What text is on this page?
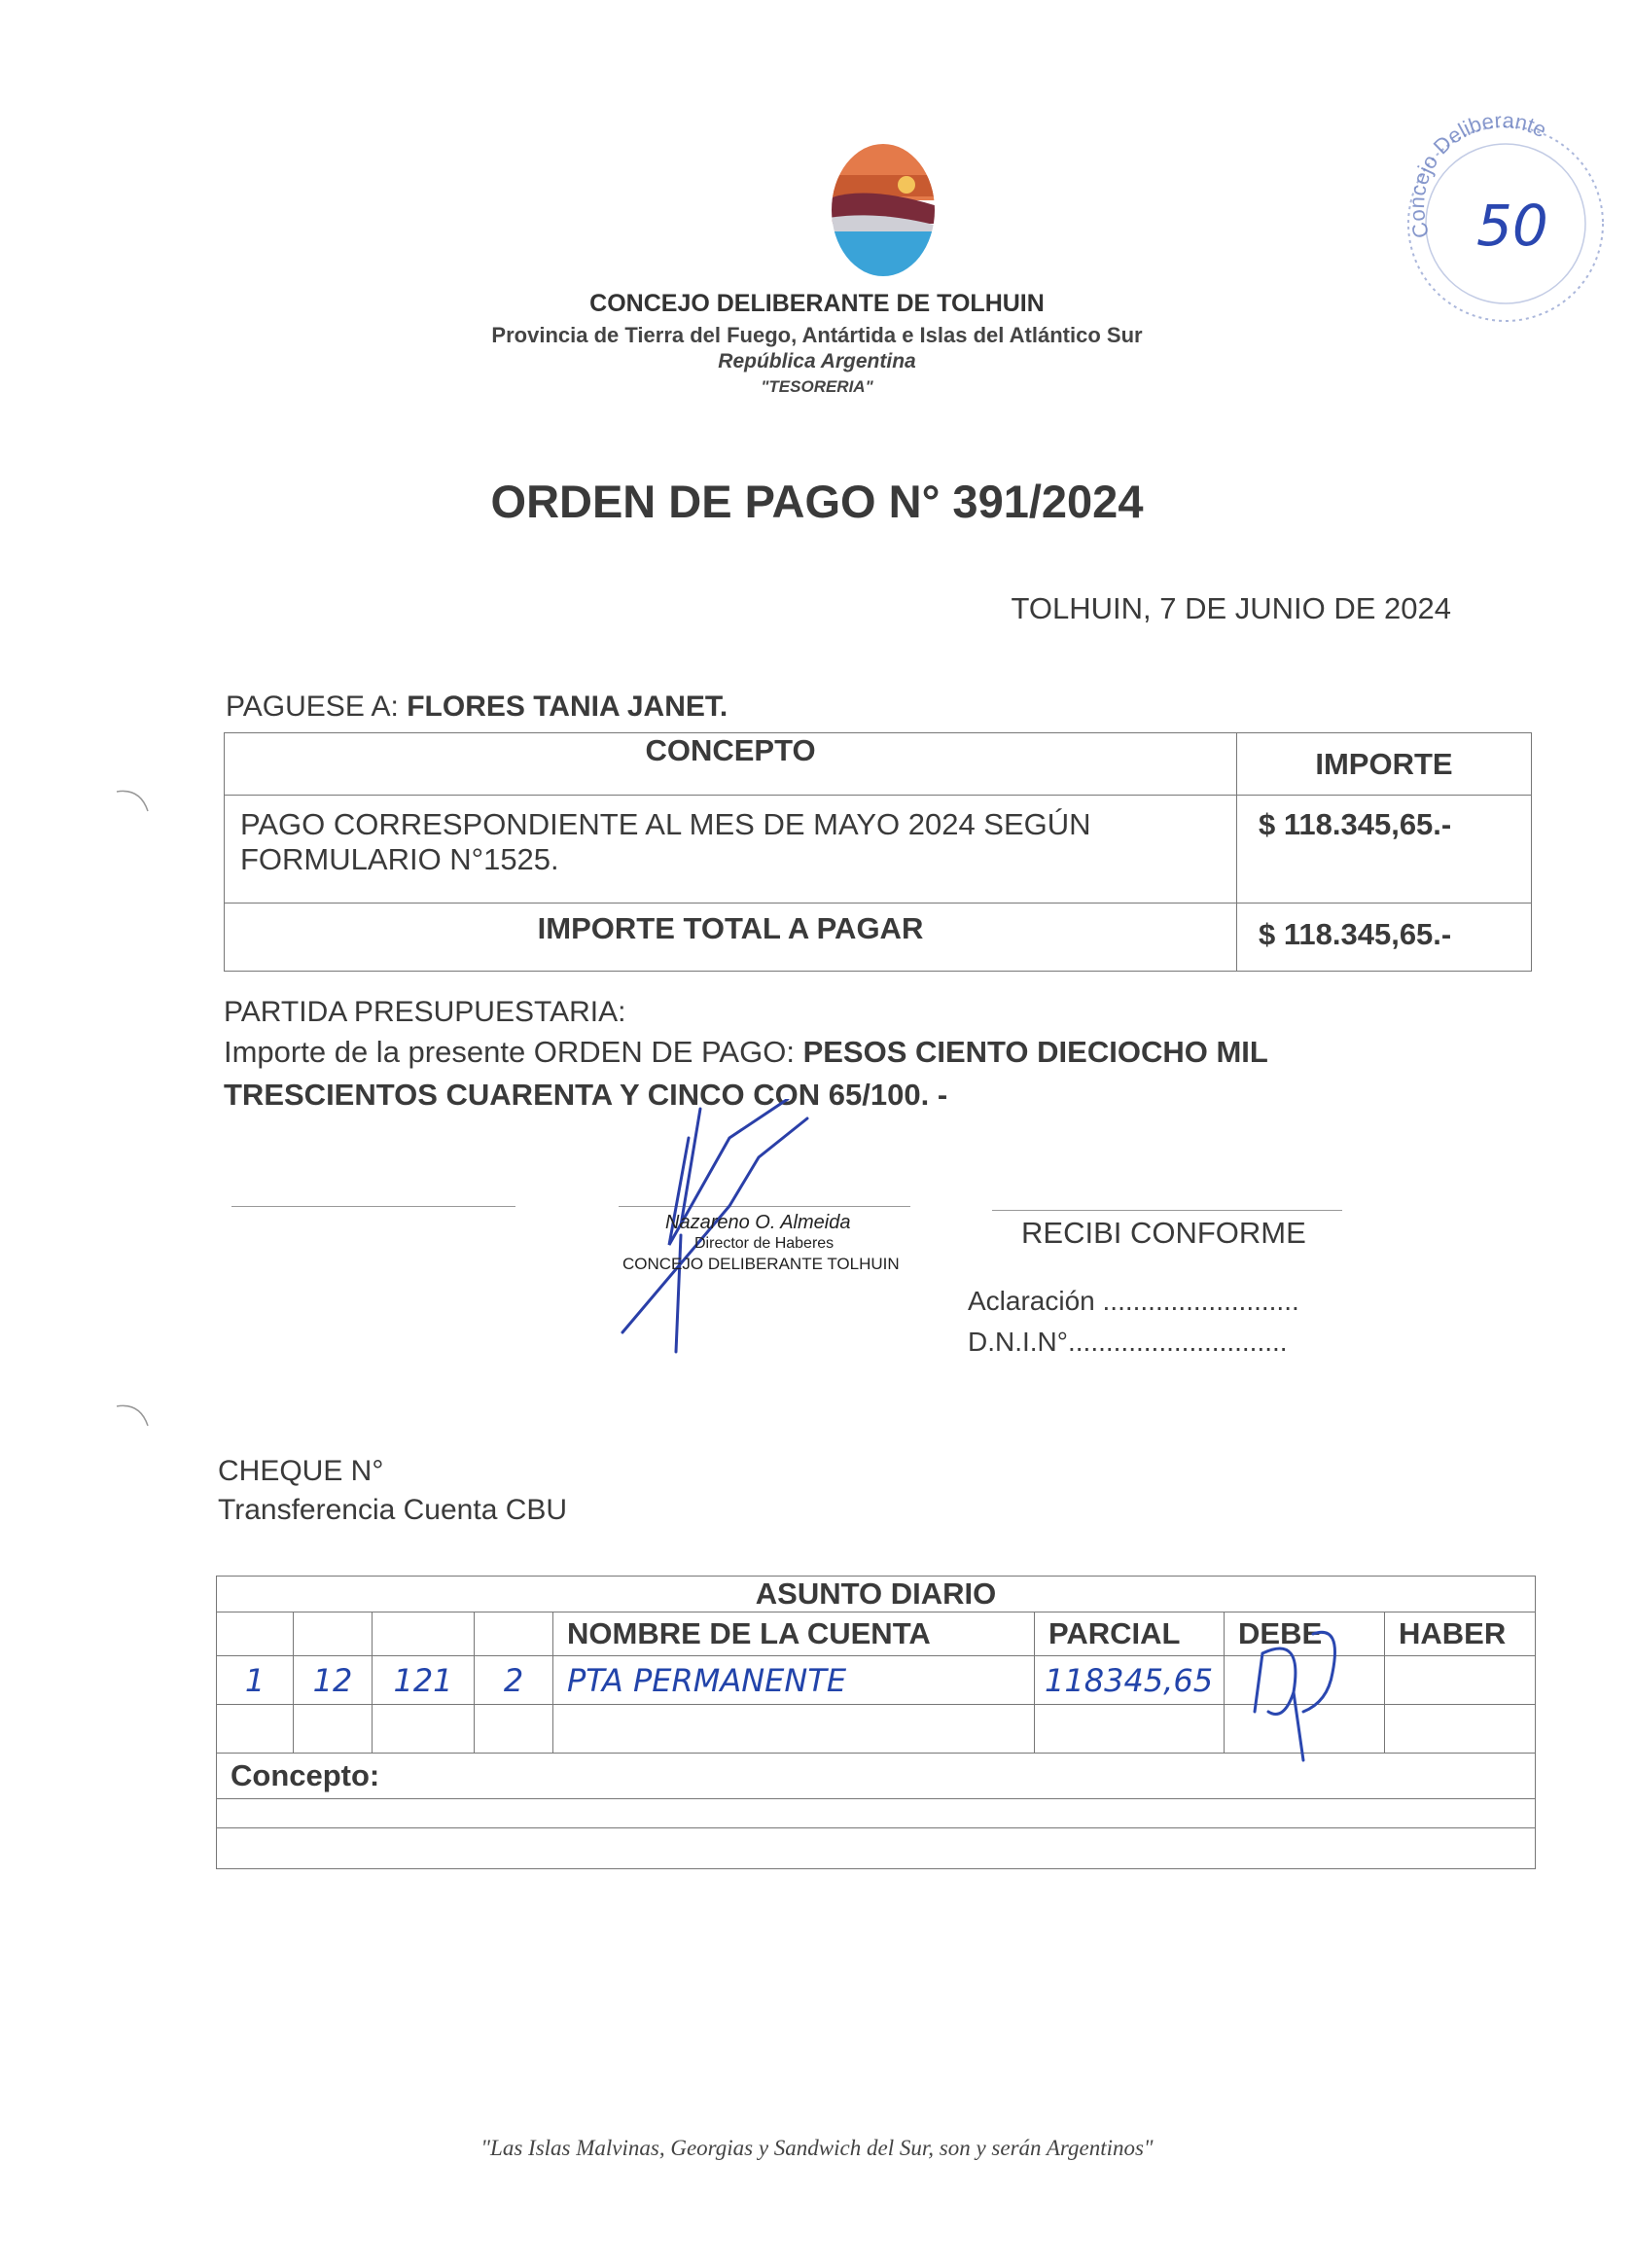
Concejo Deliberante
50
CONCEJO DELIBERANTE DE TOLHUIN
Provincia de Tierra del Fuego, Antártida e Islas del Atlántico Sur
República Argentina
"TESORERIA"
ORDEN DE PAGO N° 391/2024
TOLHUIN, 7 DE JUNIO DE 2024
PAGUESE A: FLORES TANIA JANET.
CONCEPTO	IMPORTE
PAGO CORRESPONDIENTE AL MES DE MAYO 2024 SEGÚN FORMULARIO N°1525.	$ 118.345,65.-
IMPORTE TOTAL A PAGAR	$ 118.345,65.-
PARTIDA PRESUPUESTARIA:
Importe de la presente ORDEN DE PAGO: PESOS CIENTO DIECIOCHO MIL TRESCIENTOS CUARENTA Y CINCO CON 65/100. -
Nazareno O. Almeida
Director de Haberes
CONCEJO DELIBERANTE TOLHUIN
RECIBI CONFORME
Aclaración ..........................
D.N.I.N°.............................
CHEQUE N°
Transferencia Cuenta CBU
ASUNTO DIARIO							
				NOMBRE DE LA CUENTA	PARCIAL	DEBE	HABER
1	12	121	2	PTA PERMANENTE	118345,65		

Concepto:							

"Las Islas Malvinas, Georgias y Sandwich del Sur, son y serán Argentinos"
